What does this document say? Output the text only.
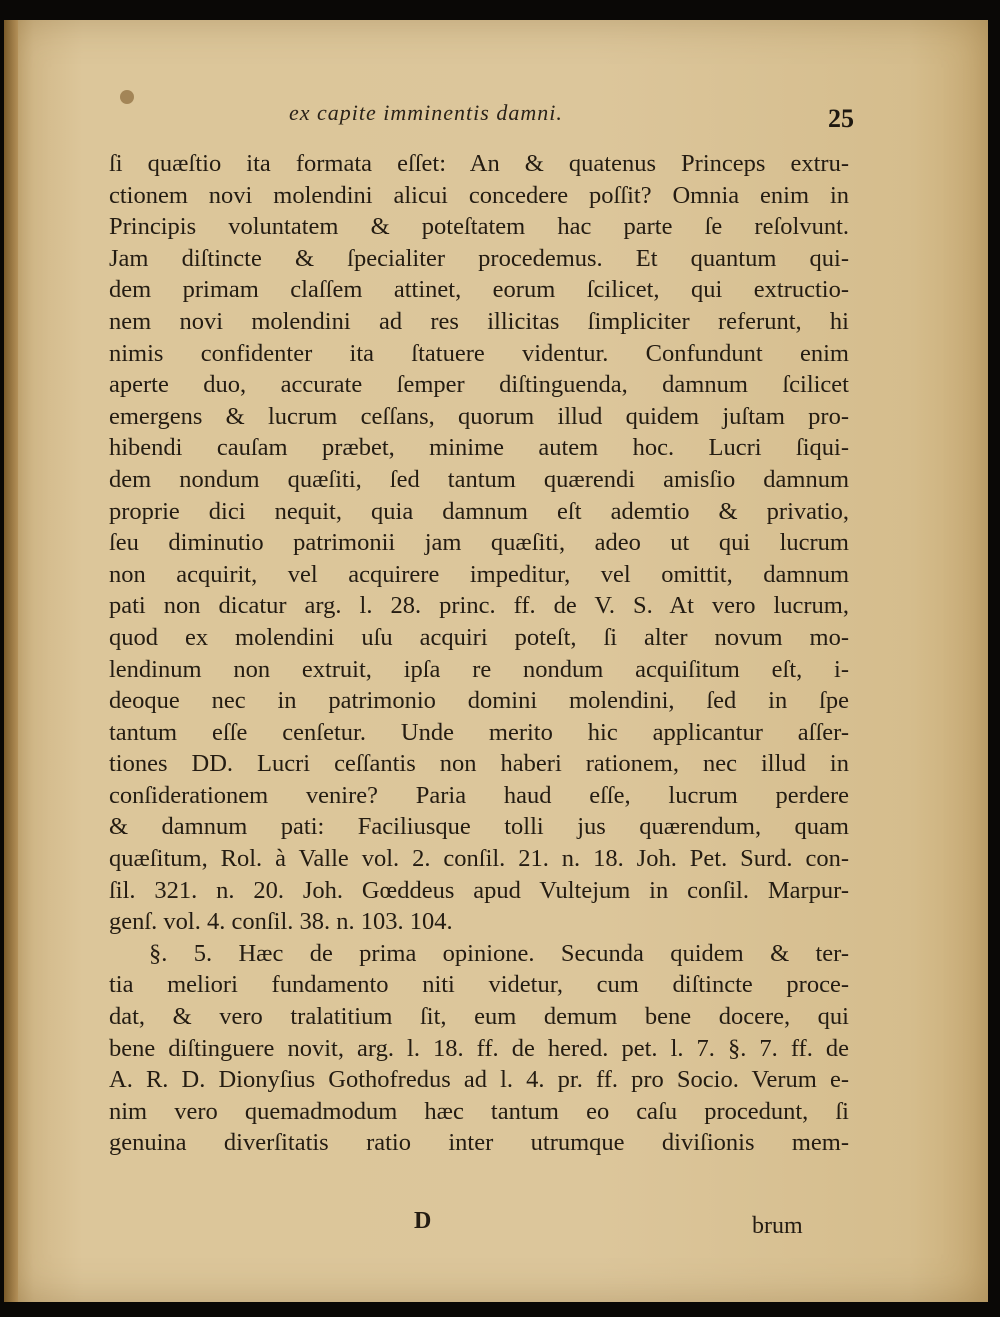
ex capite imminentis damni.	25
ſi quæſtio ita formata eſſet: An & quatenus Princeps extru-
ctionem novi molendini alicui concedere poſſit? Omnia enim in
Principis voluntatem & poteſtatem hac parte ſe reſolvunt.
Jam diſtincte & ſpecialiter procedemus. Et quantum qui-
dem primam claſſem attinet, eorum ſcilicet, qui extructio-
nem novi molendini ad res illicitas ſimpliciter referunt, hi
nimis confidenter ita ſtatuere videntur. Confundunt enim
aperte duo, accurate ſemper diſtinguenda, damnum ſcilicet
emergens & lucrum ceſſans, quorum illud quidem juſtam pro-
hibendi cauſam præbet, minime autem hoc. Lucri ſiqui-
dem nondum quæſiti, ſed tantum quærendi amisſio damnum
proprie dici nequit, quia damnum eſt ademtio & privatio,
ſeu diminutio patrimonii jam quæſiti, adeo ut qui lucrum
non acquirit, vel acquirere impeditur, vel omittit, damnum
pati non dicatur arg. l. 28. princ. ff. de V. S. At vero lucrum,
quod ex molendini uſu acquiri poteſt, ſi alter novum mo-
lendinum non extruit, ipſa re nondum acquiſitum eſt, i-
deoque nec in patrimonio domini molendini, ſed in ſpe
tantum eſſe cenſetur. Unde merito hic applicantur aſſer-
tiones DD. Lucri ceſſantis non haberi rationem, nec illud in
conſiderationem venire? Paria haud eſſe, lucrum perdere
& damnum pati: Faciliusque tolli jus quærendum, quam
quæſitum, Rol. à Valle vol. 2. conſil. 21. n. 18. Joh. Pet. Surd. con-
ſil. 321. n. 20. Joh. Gœddeus apud Vultejum in conſil. Marpur-
genſ. vol. 4. conſil. 38. n. 103. 104.
§. 5. Hæc de prima opinione. Secunda quidem & ter-
tia meliori fundamento niti videtur, cum diſtincte proce-
dat, & vero tralatitium ſit, eum demum bene docere, qui
bene diſtinguere novit, arg. l. 18. ff. de hered. pet. l. 7. §. 7. ff. de
A. R. D. Dionyſius Gothofredus ad l. 4. pr. ff. pro Socio. Verum e-
nim vero quemadmodum hæc tantum eo caſu procedunt, ſi
genuina diverſitatis ratio inter utrumque diviſionis mem-
D	brum
